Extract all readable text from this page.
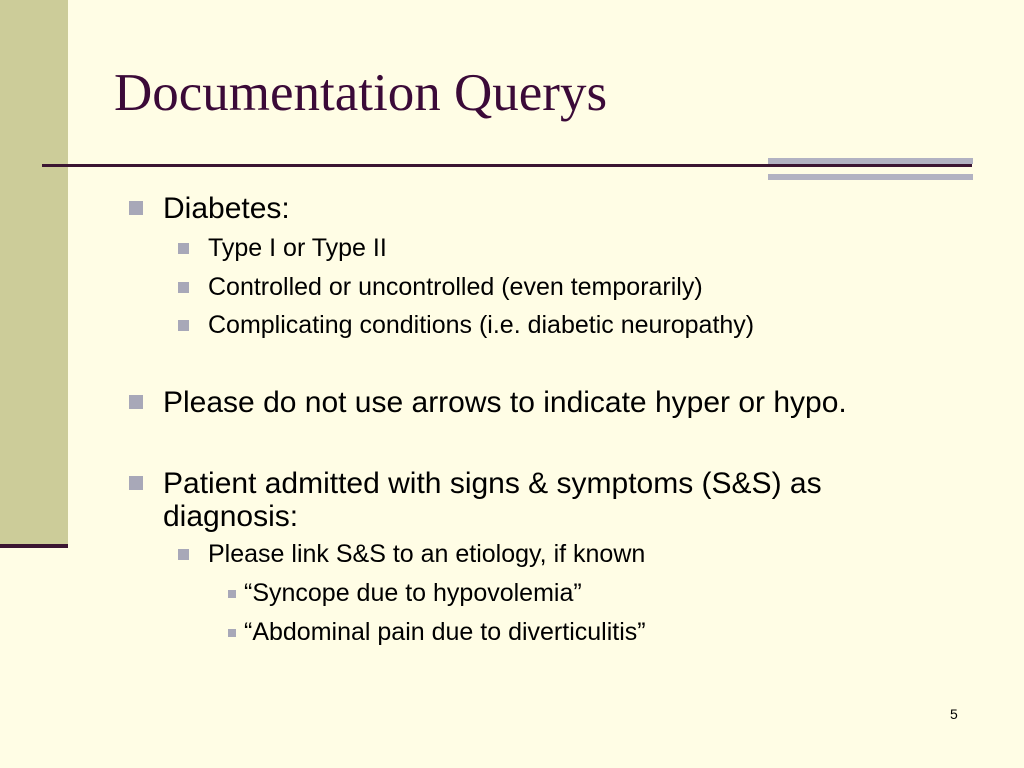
Documentation Querys
Diabetes:
Type I or Type II
Controlled or uncontrolled (even temporarily)
Complicating conditions (i.e. diabetic neuropathy)
Please do not use arrows to indicate hyper or hypo.
Patient admitted with signs & symptoms (S&S) as
diagnosis:
Please link S&S to an etiology, if known
“Syncope due to hypovolemia”
“Abdominal pain due to diverticulitis”
5
